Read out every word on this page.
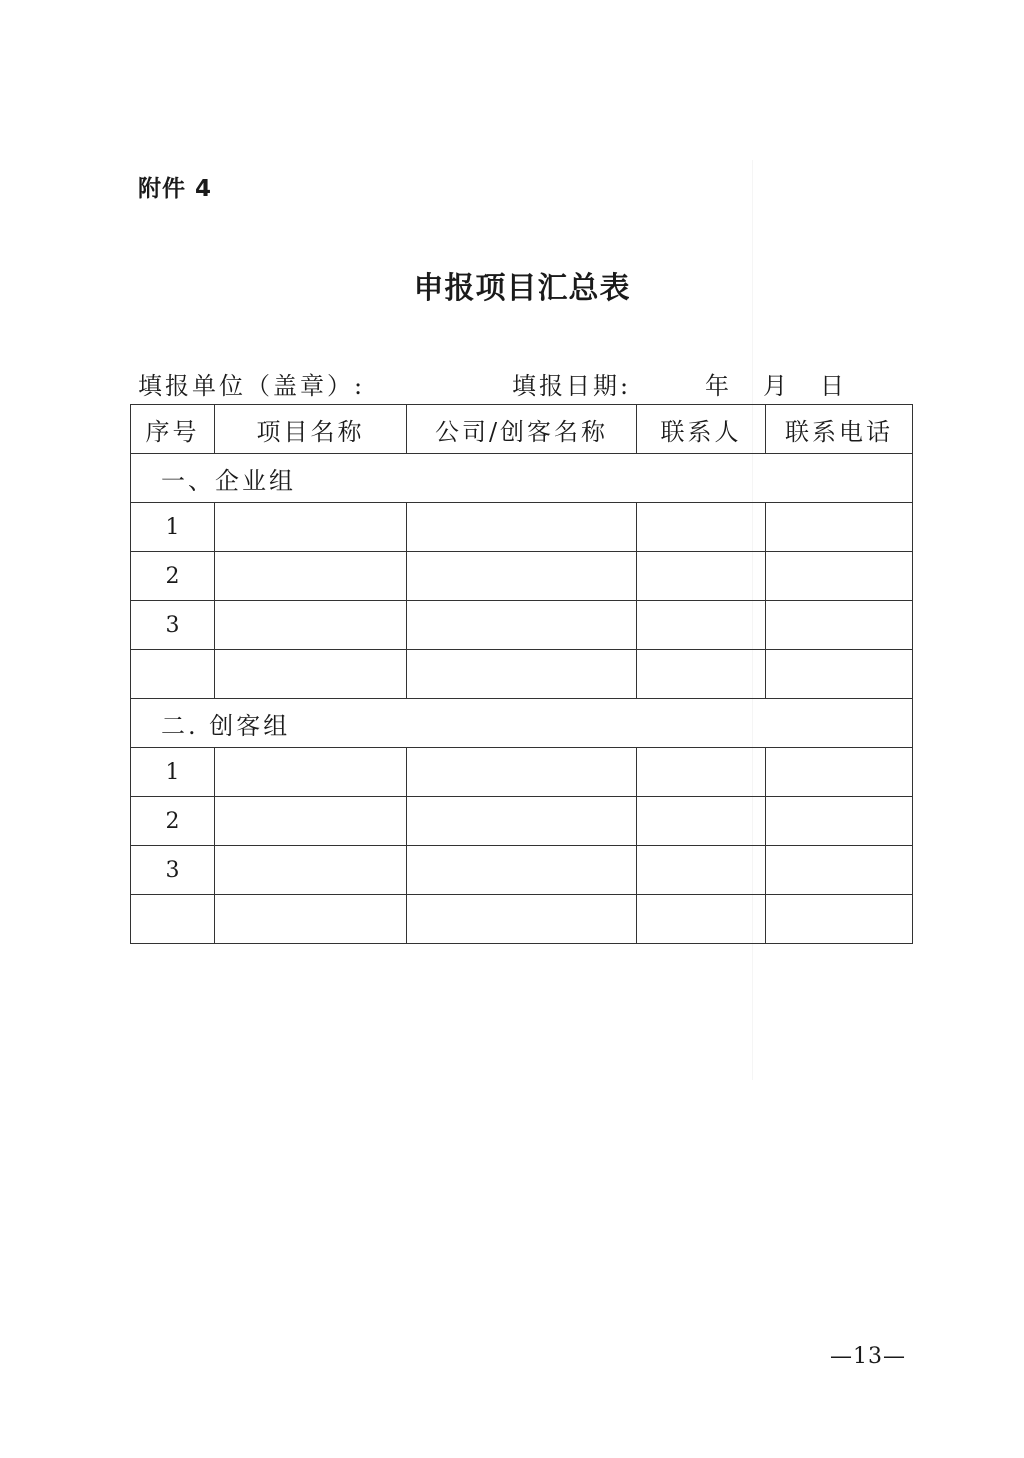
附件 4
申报项目汇总表
填报单位（盖章）:	填报日期:	年 月 日
序号	项目名称	公司/创客名称	联系人	联系电话
一、企业组				
1				
2				
3				

二. 创客组				
1				
2				
3				

—13—
